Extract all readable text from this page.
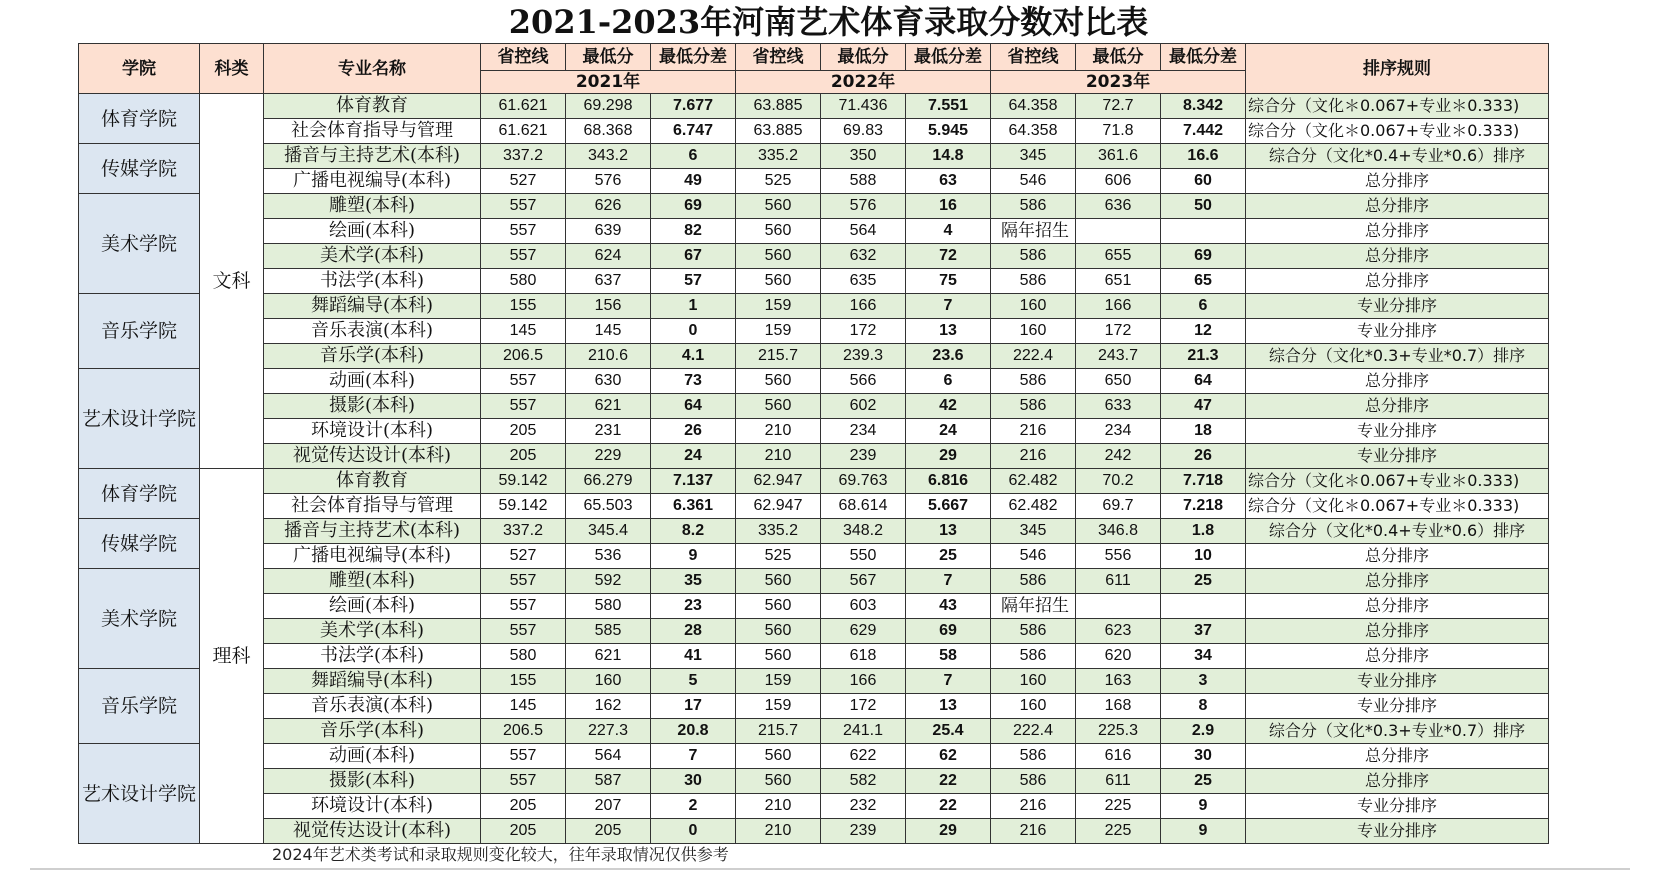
2021-2023年河南艺术体育录取分数对比表
学院	科类	专业名称	省控线	最低分	最低分差	省控线	最低分	最低分差	省控线	最低分	最低分差	排序规则
			2021年			2022年			2023年			
体育学院	文科	体育教育	61.621	69.298	7.677	63.885	71.436	7.551	64.358	72.7	8.342	综合分（文化＊0.067+专业＊0.333)
		社会体育指导与管理	61.621	68.368	6.747	63.885	69.83	5.945	64.358	71.8	7.442	综合分（文化＊0.067+专业＊0.333)
传媒学院		播音与主持艺术(本科)	337.2	343.2	6	335.2	350	14.8	345	361.6	16.6	综合分（文化*0.4+专业*0.6）排序
		广播电视编导(本科)	527	576	49	525	588	63	546	606	60	总分排序
美术学院		雕塑(本科)	557	626	69	560	576	16	586	636	50	总分排序
		绘画(本科)	557	639	82	560	564	4	隔年招生			总分排序
		美术学(本科)	557	624	67	560	632	72	586	655	69	总分排序
		书法学(本科)	580	637	57	560	635	75	586	651	65	总分排序
音乐学院		舞蹈编导(本科)	155	156	1	159	166	7	160	166	6	专业分排序
		音乐表演(本科)	145	145	0	159	172	13	160	172	12	专业分排序
		音乐学(本科)	206.5	210.6	4.1	215.7	239.3	23.6	222.4	243.7	21.3	综合分（文化*0.3+专业*0.7）排序
艺术设计学院		动画(本科)	557	630	73	560	566	6	586	650	64	总分排序
		摄影(本科)	557	621	64	560	602	42	586	633	47	总分排序
		环境设计(本科)	205	231	26	210	234	24	216	234	18	专业分排序
		视觉传达设计(本科)	205	229	24	210	239	29	216	242	26	专业分排序
体育学院	理科	体育教育	59.142	66.279	7.137	62.947	69.763	6.816	62.482	70.2	7.718	综合分（文化＊0.067+专业＊0.333)
		社会体育指导与管理	59.142	65.503	6.361	62.947	68.614	5.667	62.482	69.7	7.218	综合分（文化＊0.067+专业＊0.333)
传媒学院		播音与主持艺术(本科)	337.2	345.4	8.2	335.2	348.2	13	345	346.8	1.8	综合分（文化*0.4+专业*0.6）排序
		广播电视编导(本科)	527	536	9	525	550	25	546	556	10	总分排序
美术学院		雕塑(本科)	557	592	35	560	567	7	586	611	25	总分排序
		绘画(本科)	557	580	23	560	603	43	隔年招生			总分排序
		美术学(本科)	557	585	28	560	629	69	586	623	37	总分排序
		书法学(本科)	580	621	41	560	618	58	586	620	34	总分排序
音乐学院		舞蹈编导(本科)	155	160	5	159	166	7	160	163	3	专业分排序
		音乐表演(本科)	145	162	17	159	172	13	160	168	8	专业分排序
		音乐学(本科)	206.5	227.3	20.8	215.7	241.1	25.4	222.4	225.3	2.9	综合分（文化*0.3+专业*0.7）排序
艺术设计学院		动画(本科)	557	564	7	560	622	62	586	616	30	总分排序
		摄影(本科)	557	587	30	560	582	22	586	611	25	总分排序
		环境设计(本科)	205	207	2	210	232	22	216	225	9	专业分排序
		视觉传达设计(本科)	205	205	0	210	239	29	216	225	9	专业分排序
2024年艺术类考试和录取规则变化较大，往年录取情况仅供参考
